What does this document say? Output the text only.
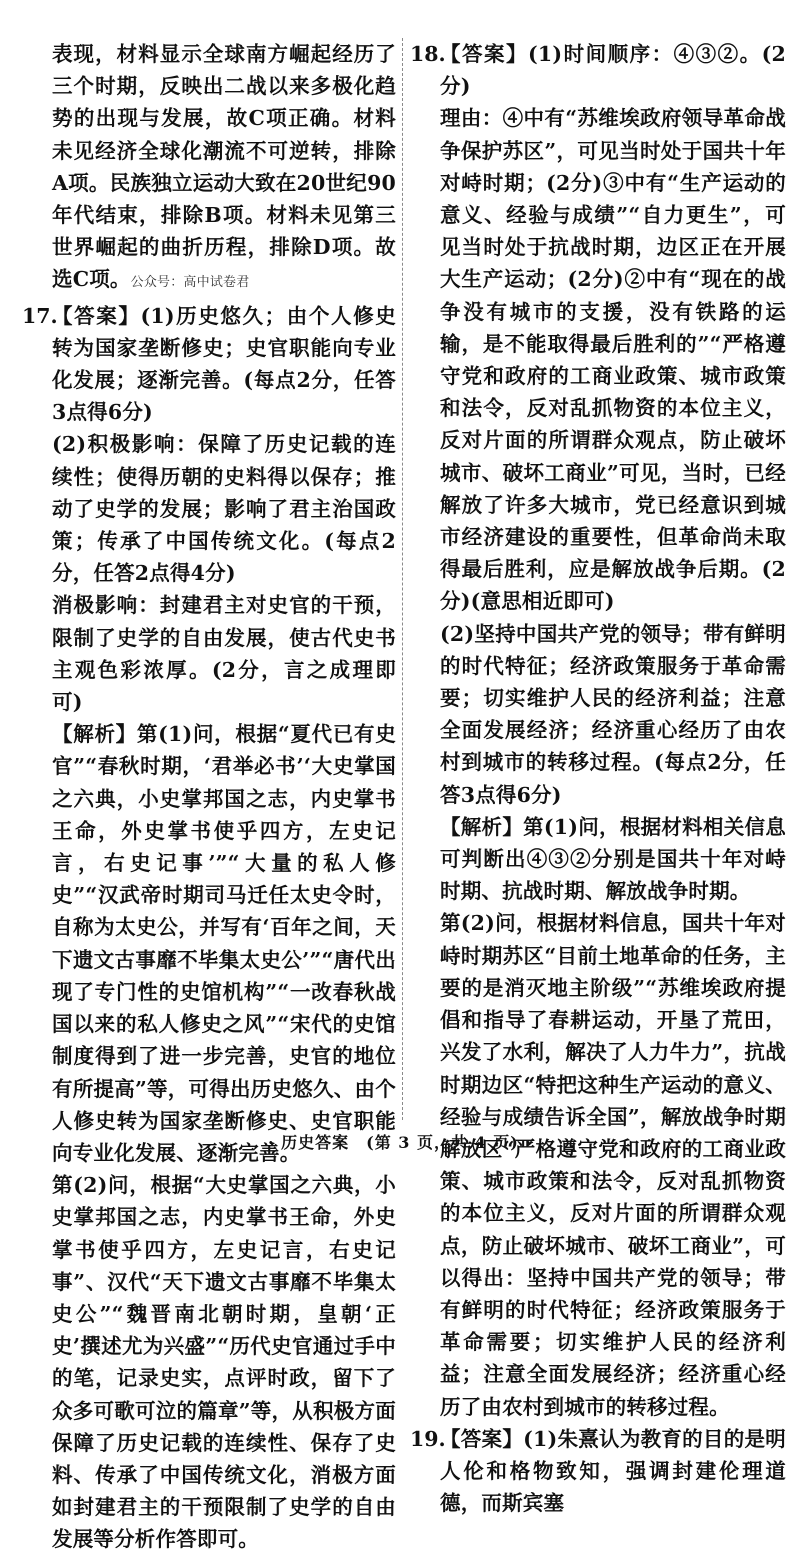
表现，材料显示全球南方崛起经历了三个时期，反映出二战以来多极化趋势的出现与发展，故C项正确。材料未见经济全球化潮流不可逆转，排除A项。民族独立运动大致在20世纪90年代结束，排除B项。材料未见第三世界崛起的曲折历程，排除D项。故选C项。公众号：高中试卷君

17.

【答案】(1)历史悠久；由个人修史转为国家垄断修史；史官职能向专业化发展；逐渐完善。(每点2分，任答3点得6分)

(2)积极影响：保障了历史记载的连续性；使得历朝的史料得以保存；推动了史学的发展；影响了君主治国政策；传承了中国传统文化。(每点2分，任答2点得4分)

消极影响：封建君主对史官的干预，限制了史学的自由发展，使古代史书主观色彩浓厚。(2分，言之成理即可)

【解析】第(1)问，根据“夏代已有史官”“春秋时期，‘君举必书’‘大史掌国之六典，小史掌邦国之志，内史掌书王命，外史掌书使乎四方，左史记言，右史记事’”“大量的私人修史”“汉武帝时期司马迁任太史令时，自称为太史公，并写有‘百年之间，天下遗文古事靡不毕集太史公’”“唐代出现了专门性的史馆机构”“一改春秋战国以来的私人修史之风”“宋代的史馆制度得到了进一步完善，史官的地位有所提高”等，可得出历史悠久、由个人修史转为国家垄断修史、史官职能向专业化发展、逐渐完善。

第(2)问，根据“大史掌国之六典，小史掌邦国之志，内史掌书王命，外史掌书使乎四方，左史记言，右史记事”、汉代“天下遗文古事靡不毕集太史公”“魏晋南北朝时期，皇朝‘正史’撰述尤为兴盛”“历代史官通过手中的笔，记录史实，点评时政，留下了众多可歌可泣的篇章”等，从积极方面保障了历史记载的连续性、保存了史料、传承了中国传统文化，消极方面如封建君主的干预限制了史学的自由发展等分析作答即可。

18.

【答案】(1)时间顺序：④③②。(2分)

理由：④中有“苏维埃政府领导革命战争保护苏区”，可见当时处于国共十年对峙时期；(2分)③中有“生产运动的意义、经验与成绩”“自力更生”，可见当时处于抗战时期，边区正在开展大生产运动；(2分)②中有“现在的战争没有城市的支援，没有铁路的运输，是不能取得最后胜利的”“严格遵守党和政府的工商业政策、城市政策和法令，反对乱抓物资的本位主义，反对片面的所谓群众观点，防止破坏城市、破坏工商业”可见，当时，已经解放了许多大城市，党已经意识到城市经济建设的重要性，但革命尚未取得最后胜利，应是解放战争后期。(2分)(意思相近即可)

(2)坚持中国共产党的领导；带有鲜明的时代特征；经济政策服务于革命需要；切实维护人民的经济利益；注意全面发展经济；经济重心经历了由农村到城市的转移过程。(每点2分，任答3点得6分)

【解析】第(1)问，根据材料相关信息可判断出④③②分别是国共十年对峙时期、抗战时期、解放战争时期。

第(2)问，根据材料信息，国共十年对峙时期苏区“目前土地革命的任务，主要的是消灭地主阶级”“苏维埃政府提倡和指导了春耕运动，开垦了荒田，兴发了水利，解决了人力牛力”，抗战时期边区“特把这种生产运动的意义、经验与成绩告诉全国”，解放战争时期解放区“严格遵守党和政府的工商业政策、城市政策和法令，反对乱抓物资的本位主义，反对片面的所谓群众观点，防止破坏城市、破坏工商业”，可以得出：坚持中国共产党的领导；带有鲜明的时代特征；经济政策服务于革命需要；切实维护人民的经济利益；注意全面发展经济；经济重心经历了由农村到城市的转移过程。

19.

【答案】(1)朱熹认为教育的目的是明人伦和格物致知，强调封建伦理道德，而斯宾塞

· 历史答案　(第 3 页，共 4 页) ·
